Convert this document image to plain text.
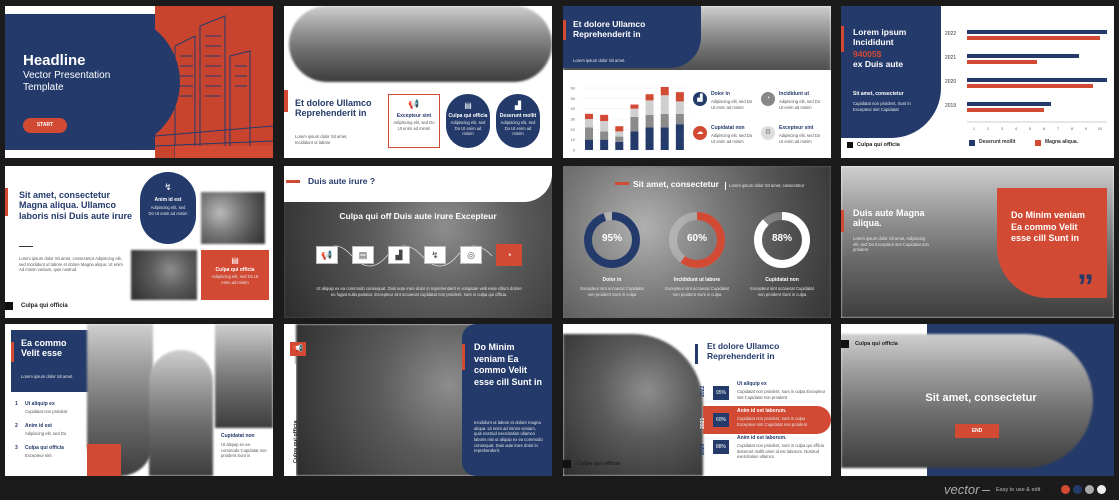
Headline
Vector Presentation Template
START
Et dolore Ullamco Reprehenderit in
Lorem ipsum dolor Sit amet, Incididunt ut labore
📢
Excepteur sint
Adipiscing elit, sed Do Ut enim ad minim
▤
Culpa qui officia
Adipiscing elit, sed Do Ut enim ad minim
▟
Deserunt mollit
Adipiscing elit, sed Do Ut enim ad minim
Et dolore Ullamco Reprehenderit in
Lorem ipsum dolor Sit amet.
60
50
40
30
20
10
0
▟
Dolor in
Adipiscing elit, sed Do Ut enim ad minim
◔
Incididunt ut
Adipiscing elit, sed Do Ut enim ad minim
☁
Cupidatat non
Adipiscing elit, sed Do Ut enim ad minim
⚙
Excepteur sint
Adipiscing elit, sed Do Ut enim ad minim
Lorem ipsum Incididunt
94005$
ex Duis aute
Sit amet, consectetur
Cupidatat non proident, Sunt in Excepteur sint Cupidatat
Culpa qui officia
2022
2021
2020
2019
1	2	3	4	5	6	7	8	9	10
Deserunt mollit	Magna aliqua.
Sit amet, consectetur Magna aliqua. Ullamco laboris nisi Duis aute irure
Lorem ipsum dolor Sit amet, consectetur Adipiscing elit, sed Incididunt ut labore et dolore Magna aliqua. Ut enim Ad minim veniam, quis nostrud.
↯
Anim id est
Adipiscing elit, sed Do Ut enim ad minim
▤
Culpa qui officia
Adipiscing elit, sed Do Ut enim ad minim
Culpa qui officia
Duis aute irure ?
Culpa qui off Duis aute irure Excepteur
📢	▤	▟	↯	◎	◔
Ut aliquip ex ea commodo consequat. Duis aute irure dolor in reprehenderit in voluptate velit esse cillum dolore eu fugiat nulla pariatur. Excepteur sint occaecat cupidatat non proident, sunt in culpa qui officia.
Sit amet, consectetur Lorem ipsum dolor Sit amet, consectetur
95%	60%	88%
Dolor in
Excepteur sint occaecat Cupidatat non proident Sunt in culpa
Incididunt ut labore
Excepteur sint occaecat Cupidatat non proident Sunt in culpa
Cupidatat non
Excepteur sint occaecat Cupidatat non proident Sunt in culpa
Duis aute Magna aliqua.
Lorem ipsum dolor Sit amet, Adipiscing elit, sed Do Excepteur sint Cupidatat non proident
Do Minim veniam Ea commo Velit esse cill Sunt in
”
Ea commo Velit esse
Lorem ipsum dolor Sit amet.
Cupidatat non
Ut aliquip ex ea commodo Cupidatat non proident Sunt in
1 Ut aliquip ex
Cupidatat non proident
2 Anim id est
Adipiscing elit, sed Do
3 Culpa qui officia
Excepteur sint
📢
Culpa qui officia
Do Minim veniam Ea commo Velit esse cill Sunt in
Incididunt ut labore et dolore magna aliqua. Ut enim ad minim veniam, quis nostrud exercitation ullamco laboris nisi ut aliquip ex ea commodo consequat. Duis aute irure dolor in reprehenderit.
Culpa qui officia
Et dolore Ullamco Reprehenderit in
2022	95%
Ut aliquip ex
Cupidatat non proident, sunt in culpa Excepteur sint Cupidatat non proident
2021	60%
Anim id est laborum.
Cupidatat non proident, sunt in culpa Excepteur sint Cupidatat non proident
2020	88%
Anim id est laborum.
Cupidatat non proident, sunt in culpa qui officia deserunt mollit anim id est laborum. Nostrud exercitation ullamco
Culpa qui officia
Sit amet, consectetur
END
vector	Easy to use & edit
